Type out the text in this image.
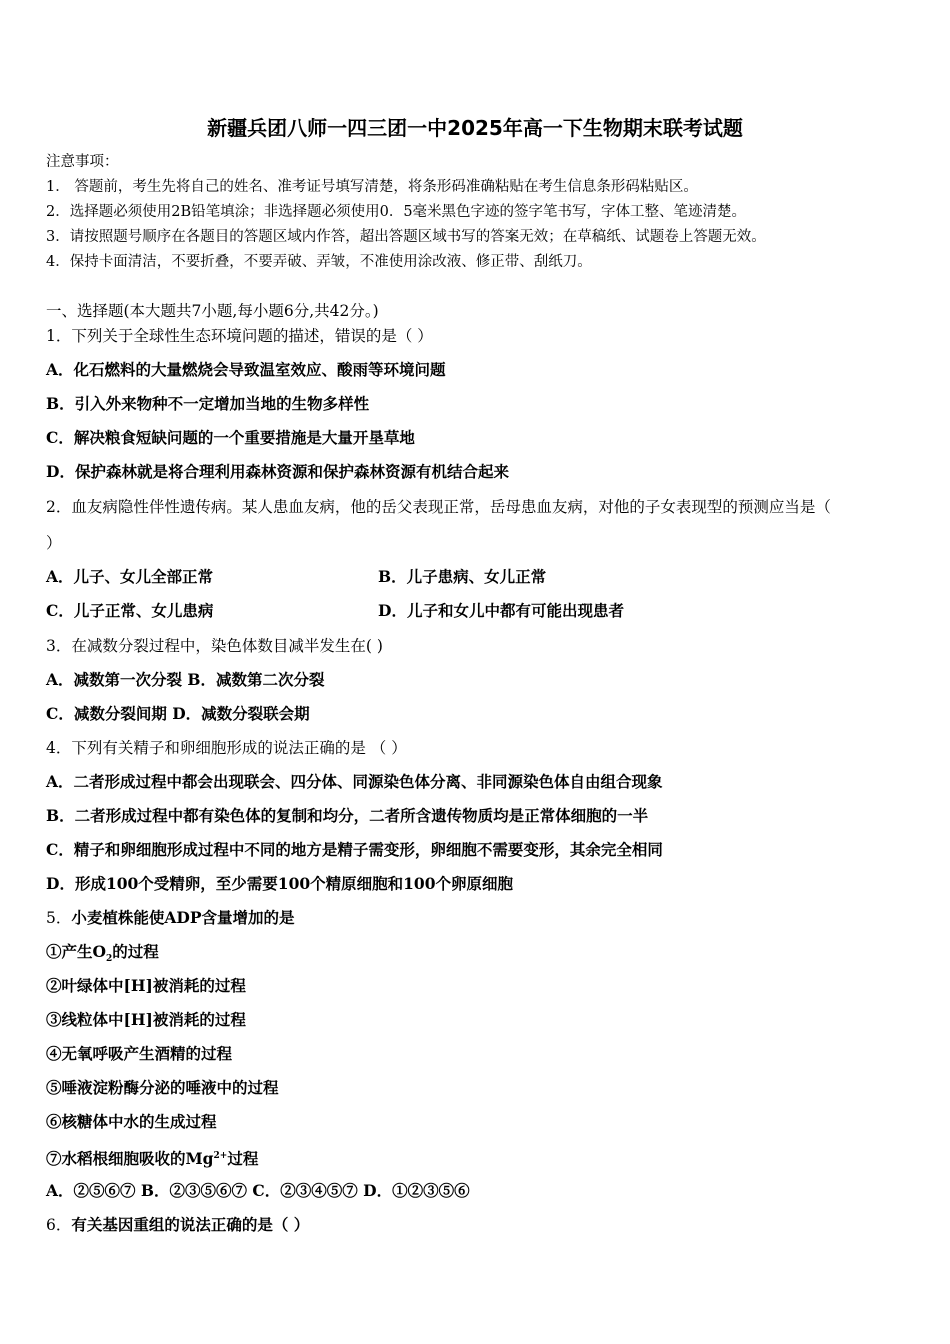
新疆兵团八师一四三团一中2025年高一下生物期末联考试题
注意事项：
1． 答题前，考生先将自己的姓名、准考证号填写清楚，将条形码准确粘贴在考生信息条形码粘贴区。
2．选择题必须使用2B铅笔填涂；非选择题必须使用0．5毫米黑色字迹的签字笔书写，字体工整、笔迹清楚。
3．请按照题号顺序在各题目的答题区域内作答，超出答题区域书写的答案无效；在草稿纸、试题卷上答题无效。
4．保持卡面清洁，不要折叠，不要弄破、弄皱，不准使用涂改液、修正带、刮纸刀。
一、选择题(本大题共7小题,每小题6分,共42分。)
1．下列关于全球性生态环境问题的描述，错误的是（ ）
A．化石燃料的大量燃烧会导致温室效应、酸雨等环境问题
B．引入外来物种不一定增加当地的生物多样性
C．解决粮食短缺问题的一个重要措施是大量开垦草地
D．保护森林就是将合理利用森林资源和保护森林资源有机结合起来
2．血友病隐性伴性遗传病。某人患血友病，他的岳父表现正常，岳母患血友病，对他的子女表现型的预测应当是（
）
A．儿子、女儿全部正常	B．儿子患病、女儿正常
C．儿子正常、女儿患病	D．儿子和女儿中都有可能出现患者
3．在减数分裂过程中，染色体数目减半发生在( )
A．减数第一次分裂 B．减数第二次分裂
C．减数分裂间期 D．减数分裂联会期
4．下列有关精子和卵细胞形成的说法正确的是 （ ）
A．二者形成过程中都会出现联会、四分体、同源染色体分离、非同源染色体自由组合现象
B．二者形成过程中都有染色体的复制和均分，二者所含遗传物质均是正常体细胞的一半
C．精子和卵细胞形成过程中不同的地方是精子需变形，卵细胞不需要变形，其余完全相同
D．形成100个受精卵，至少需要100个精原细胞和100个卵原细胞
5．小麦植株能使ADP含量增加的是
①产生$O_2$的过程
②叶绿体中[H]被消耗的过程
③线粒体中[H]被消耗的过程
④无氧呼吸产生酒精的过程
⑤唾液淀粉酶分泌的唾液中的过程
⑥核糖体中水的生成过程
⑦水稻根细胞吸收的$Mg^{2+}$过程
A．②⑤⑥⑦ B．②③⑤⑥⑦ C．②③④⑤⑦ D．①②③⑤⑥
6．有关基因重组的说法正确的是（ ）
